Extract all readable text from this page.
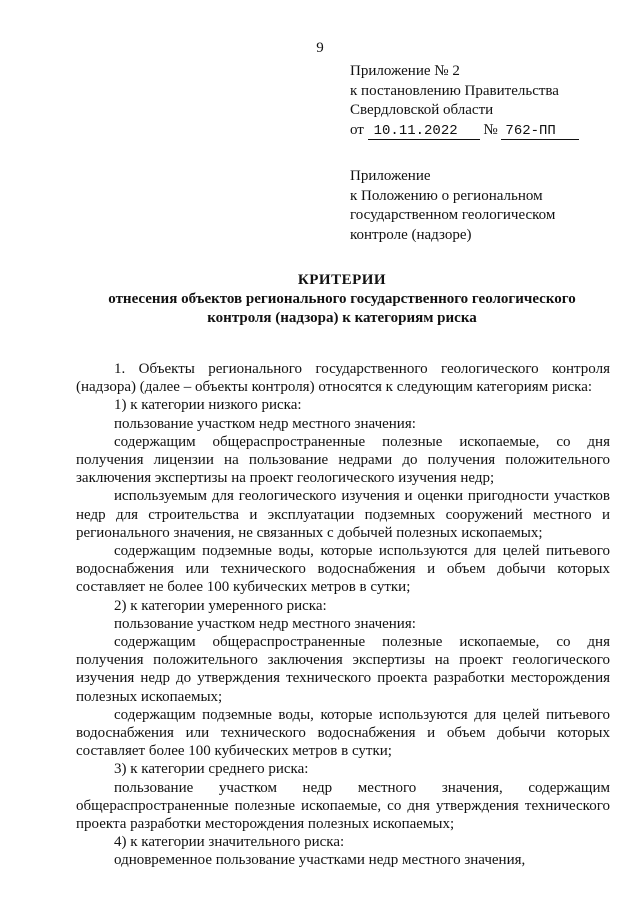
9
Приложение № 2
к постановлению Правительства
Свердловской области
от 10.11.2022 № 762-ПП
Приложение
к Положению о региональном
государственном геологическом
контроле (надзоре)
КРИТЕРИИ
отнесения объектов регионального государственного геологического контроля (надзора) к категориям риска

1. Объекты регионального государственного геологического контроля (надзора) (далее – объекты контроля) относятся к следующим категориям риска:

1) к категории низкого риска:

пользование участком недр местного значения:

содержащим общераспространенные полезные ископаемые, со дня получения лицензии на пользование недрами до получения положительного заключения экспертизы на проект геологического изучения недр;

используемым для геологического изучения и оценки пригодности участков недр для строительства и эксплуатации подземных сооружений местного и регионального значения, не связанных с добычей полезных ископаемых;

содержащим подземные воды, которые используются для целей питьевого водоснабжения или технического водоснабжения и объем добычи которых составляет не более 100 кубических метров в сутки;

2) к категории умеренного риска:

пользование участком недр местного значения:

содержащим общераспространенные полезные ископаемые, со дня получения положительного заключения экспертизы на проект геологического изучения недр до утверждения технического проекта разработки месторождения полезных ископаемых;

содержащим подземные воды, которые используются для целей питьевого водоснабжения или технического водоснабжения и объем добычи которых составляет более 100 кубических метров в сутки;

3) к категории среднего риска:

пользование участком недр местного значения, содержащим общераспространенные полезные ископаемые, со дня утверждения технического проекта разработки месторождения полезных ископаемых;

4) к категории значительного риска:

одновременное пользование участками недр местного значения,
